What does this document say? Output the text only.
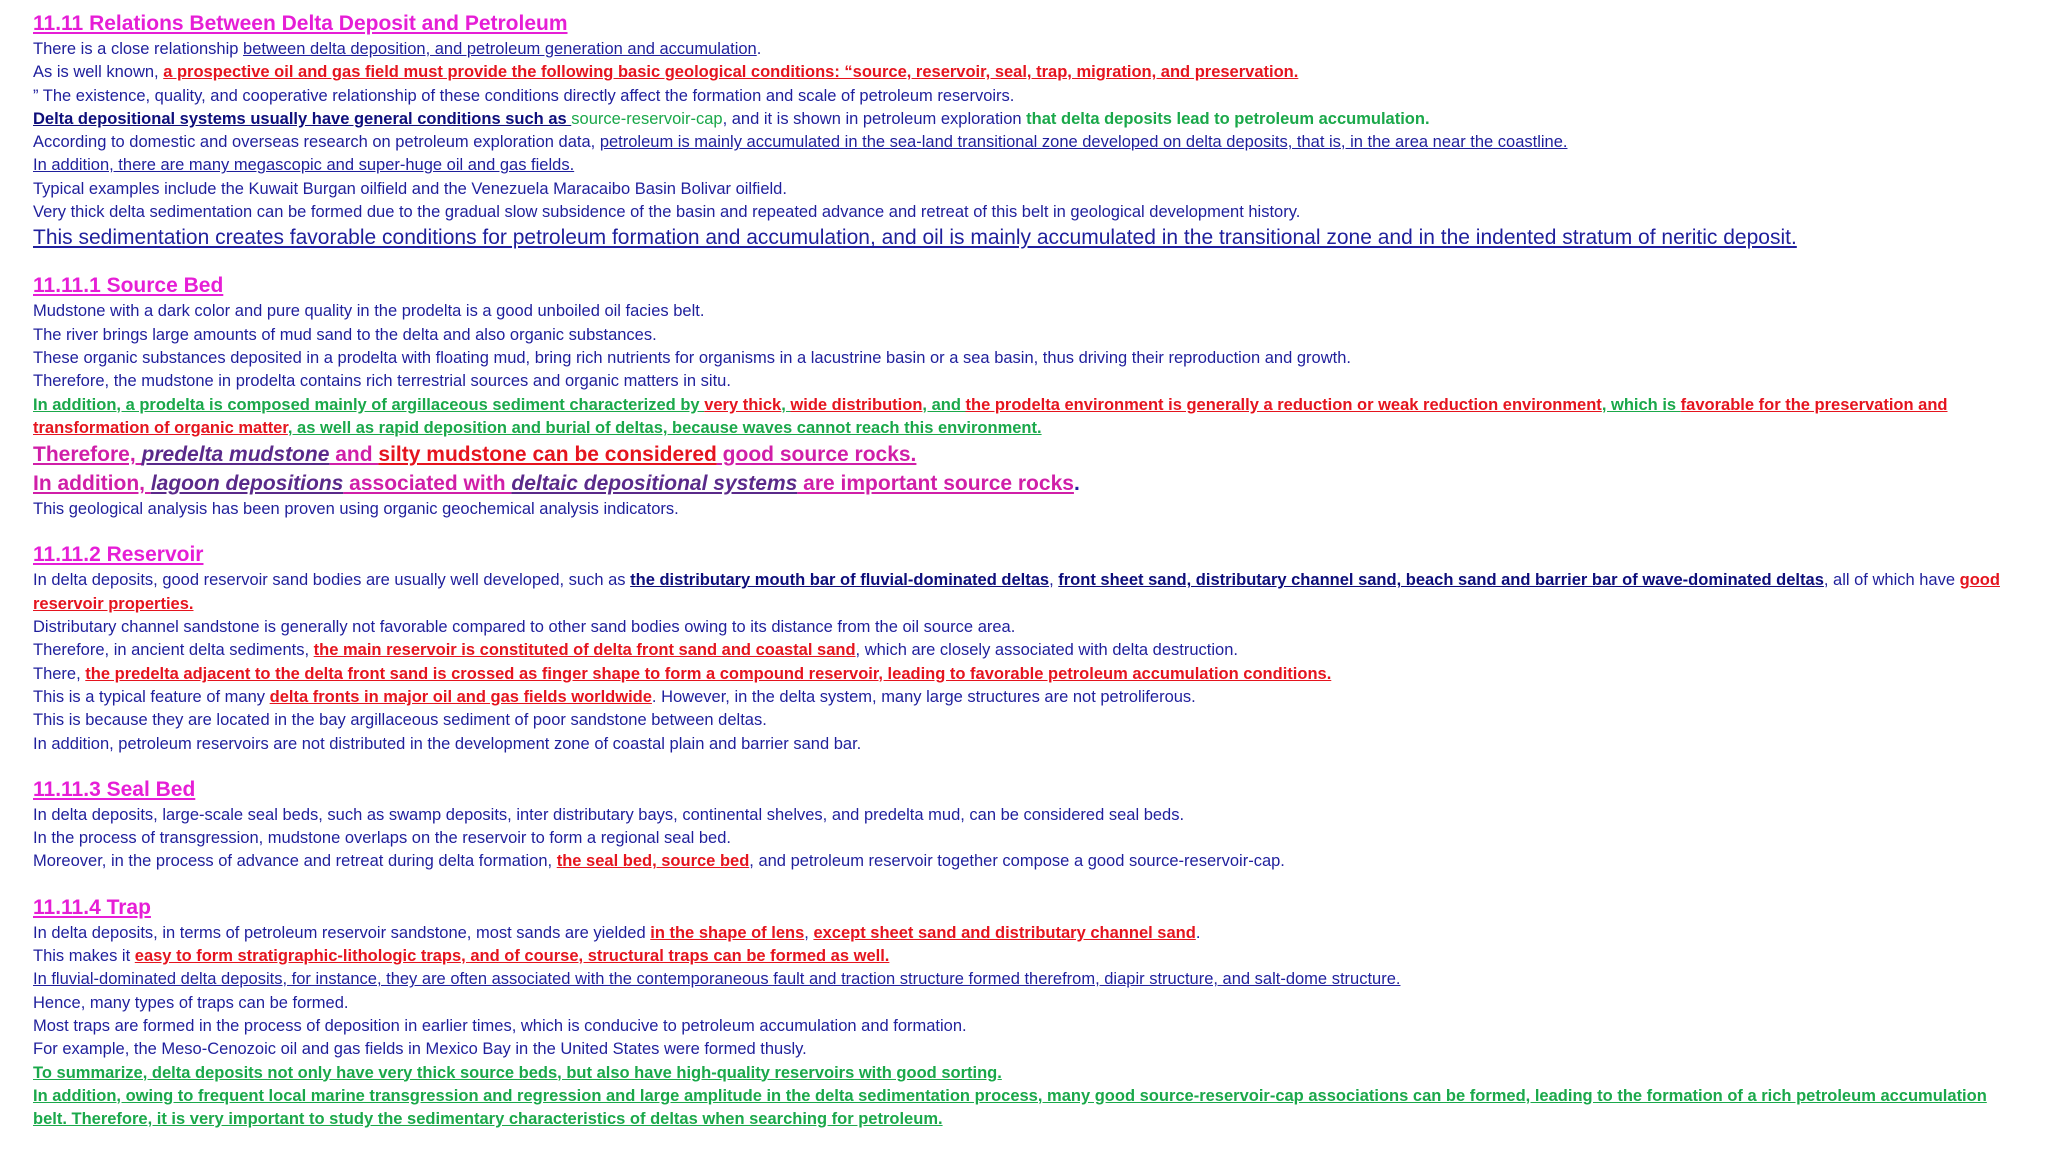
11.11 Relations Between Delta Deposit and Petroleum
There is a close relationship between delta deposition, and petroleum generation and accumulation.
As is well known, a prospective oil and gas field must provide the following basic geological conditions: “source, reservoir, seal, trap, migration, and preservation.
” The existence, quality, and cooperative relationship of these conditions directly affect the formation and scale of petroleum reservoirs.
Delta depositional systems usually have general conditions such as source-reservoir-cap, and it is shown in petroleum exploration that delta deposits lead to petroleum accumulation.
According to domestic and overseas research on petroleum exploration data, petroleum is mainly accumulated in the sea-land transitional zone developed on delta deposits, that is, in the area near the coastline.
In addition, there are many megascopic and super-huge oil and gas fields.
Typical examples include the Kuwait Burgan oilfield and the Venezuela Maracaibo Basin Bolivar oilfield.
Very thick delta sedimentation can be formed due to the gradual slow subsidence of the basin and repeated advance and retreat of this belt in geological development history.
This sedimentation creates favorable conditions for petroleum formation and accumulation, and oil is mainly accumulated in the transitional zone and in the indented stratum of neritic deposit.
11.11.1 Source Bed
Mudstone with a dark color and pure quality in the prodelta is a good unboiled oil facies belt.
The river brings large amounts of mud sand to the delta and also organic substances.
These organic substances deposited in a prodelta with floating mud, bring rich nutrients for organisms in a lacustrine basin or a sea basin, thus driving their reproduction and growth.
Therefore, the mudstone in prodelta contains rich terrestrial sources and organic matters in situ.
In addition, a prodelta is composed mainly of argillaceous sediment characterized by very thick, wide distribution, and the prodelta environment is generally a reduction or weak reduction environment, which is favorable for the preservation and transformation of organic matter, as well as rapid deposition and burial of deltas, because waves cannot reach this environment.
Therefore, predelta mudstone and silty mudstone can be considered good source rocks.
In addition, lagoon depositions associated with deltaic depositional systems are important source rocks.
This geological analysis has been proven using organic geochemical analysis indicators.
11.11.2 Reservoir
In delta deposits, good reservoir sand bodies are usually well developed, such as the distributary mouth bar of fluvial-dominated deltas, front sheet sand, distributary channel sand, beach sand and barrier bar of wave-dominated deltas, all of which have good reservoir properties.
Distributary channel sandstone is generally not favorable compared to other sand bodies owing to its distance from the oil source area.
Therefore, in ancient delta sediments, the main reservoir is constituted of delta front sand and coastal sand, which are closely associated with delta destruction.
There, the predelta adjacent to the delta front sand is crossed as finger shape to form a compound reservoir, leading to favorable petroleum accumulation conditions.
This is a typical feature of many delta fronts in major oil and gas fields worldwide. However, in the delta system, many large structures are not petroliferous.
This is because they are located in the bay argillaceous sediment of poor sandstone between deltas.
In addition, petroleum reservoirs are not distributed in the development zone of coastal plain and barrier sand bar.
11.11.3 Seal Bed
In delta deposits, large-scale seal beds, such as swamp deposits, inter distributary bays, continental shelves, and predelta mud, can be considered seal beds.
In the process of transgression, mudstone overlaps on the reservoir to form a regional seal bed.
Moreover, in the process of advance and retreat during delta formation, the seal bed, source bed, and petroleum reservoir together compose a good source-reservoir-cap.
11.11.4 Trap
In delta deposits, in terms of petroleum reservoir sandstone, most sands are yielded in the shape of lens, except sheet sand and distributary channel sand.
This makes it easy to form stratigraphic-lithologic traps, and of course, structural traps can be formed as well.
In fluvial-dominated delta deposits, for instance, they are often associated with the contemporaneous fault and traction structure formed therefrom, diapir structure, and salt-dome structure.
Hence, many types of traps can be formed.
Most traps are formed in the process of deposition in earlier times, which is conducive to petroleum accumulation and formation.
For example, the Meso-Cenozoic oil and gas fields in Mexico Bay in the United States were formed thusly.
To summarize, delta deposits not only have very thick source beds, but also have high-quality reservoirs with good sorting.
In addition, owing to frequent local marine transgression and regression and large amplitude in the delta sedimentation process, many good source-reservoir-cap associations can be formed, leading to the formation of a rich petroleum accumulation belt. Therefore, it is very important to study the sedimentary characteristics of deltas when searching for petroleum.
